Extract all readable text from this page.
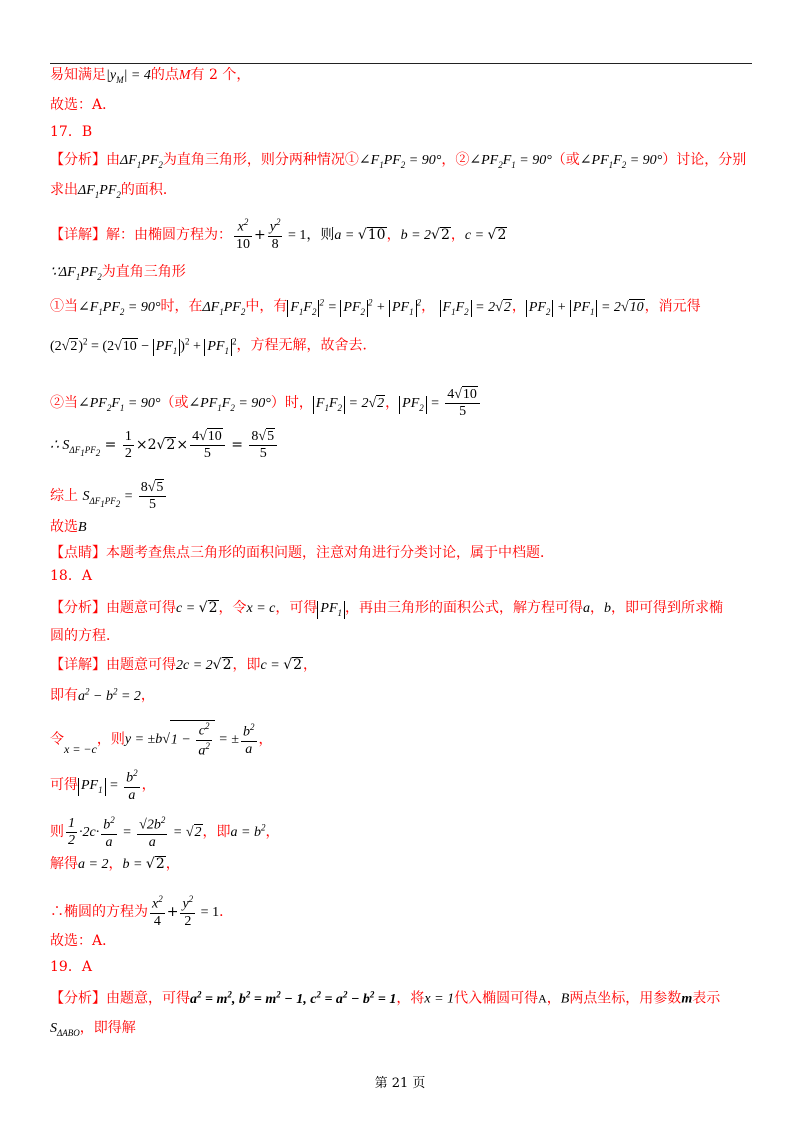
易知满足$|y_M| = 4$的点M有 2 个，
故选：A．
17．B
【分析】由$\Delta F_1PF_2$为直角三角形，则分两种情况$①\angle F_1PF_2 = 90^\circ$，$②\angle PF_2F_1 = 90^\circ$（或$\angle PF_1F_2 = 90^\circ$）讨论，分别
求出$\Delta F_1PF_2$的面积．
【详解】解：由椭圆方程为： $\frac{x^2}{10} + \frac{y^2}{8} = 1$，则a = √10，b = 2√2，c = √2
$\because\Delta F_1PF_2$为直角三角形
①当$\angle F_1PF_2 = 90^\circ$时，在$\Delta F_1PF_2$中，有 $F_1F_2^2 = PF_2^2 + PF_1^2$， $F_1F_2 = 2√2$， $PF_2 + PF_1 = 2√10$，消元得
$(2√2)^2 = (2√10 - PF_1$ )$^2 + PF_1^2$，方程无解，故舍去．
②当$\angle PF_2F_1 = 90^\circ$（或$\angle PF_1F_2 = 90^\circ$）时， $F_1F_2 = 2√2$， $PF_2 = \frac{4√10}{5}$
∴ $S_{\Delta F_1PF_2} = \frac{1}{2} \times 2√2\times \frac{4√10}{5} = \frac{8√5}{5}$
综上 $S_{\Delta F_1PF_2} = \frac{8√5}{5}$
故选B
【点睛】本题考查焦点三角形的面积问题，注意对角进行分类讨论，属于中档题．
18．A
【分析】由题意可得c = √2，令x = c，可得 $PF_1$ ，再由三角形的面积公式，解方程可得a，b，即可得到所求椭
圆的方程．
【详解】由题意可得2c = 2√2，即c = √2，
即有$a^2 - b^2 = 2$，
令x = −c，则$y = \pm b√1 - \frac{c^2}{a^2}$ = ± $\frac{b^2}{a}$ ，
可得 $PF_1 = \frac{b^2}{a}$ ，
则 $\frac{1}{2} \cdot 2c\cdot \frac{b^2}{a} = \frac{√2b^2}{a} = √2$，即$a = b^2$，
解得a = 2，b = √2，
∴椭圆的方程为 $\frac{x^2}{4} + \frac{y^2}{2} = 1$．
故选：A．
19．A
【分析】由题意，可得$a^2 = m^2$, $b^2 = m^2 - 1$, $c^2 = a^2 - b^2 = 1$，将x = 1代入椭圆可得A，B两点坐标，用参数m表示
$S_{\Delta ABO}$，即得解
第 21 页
